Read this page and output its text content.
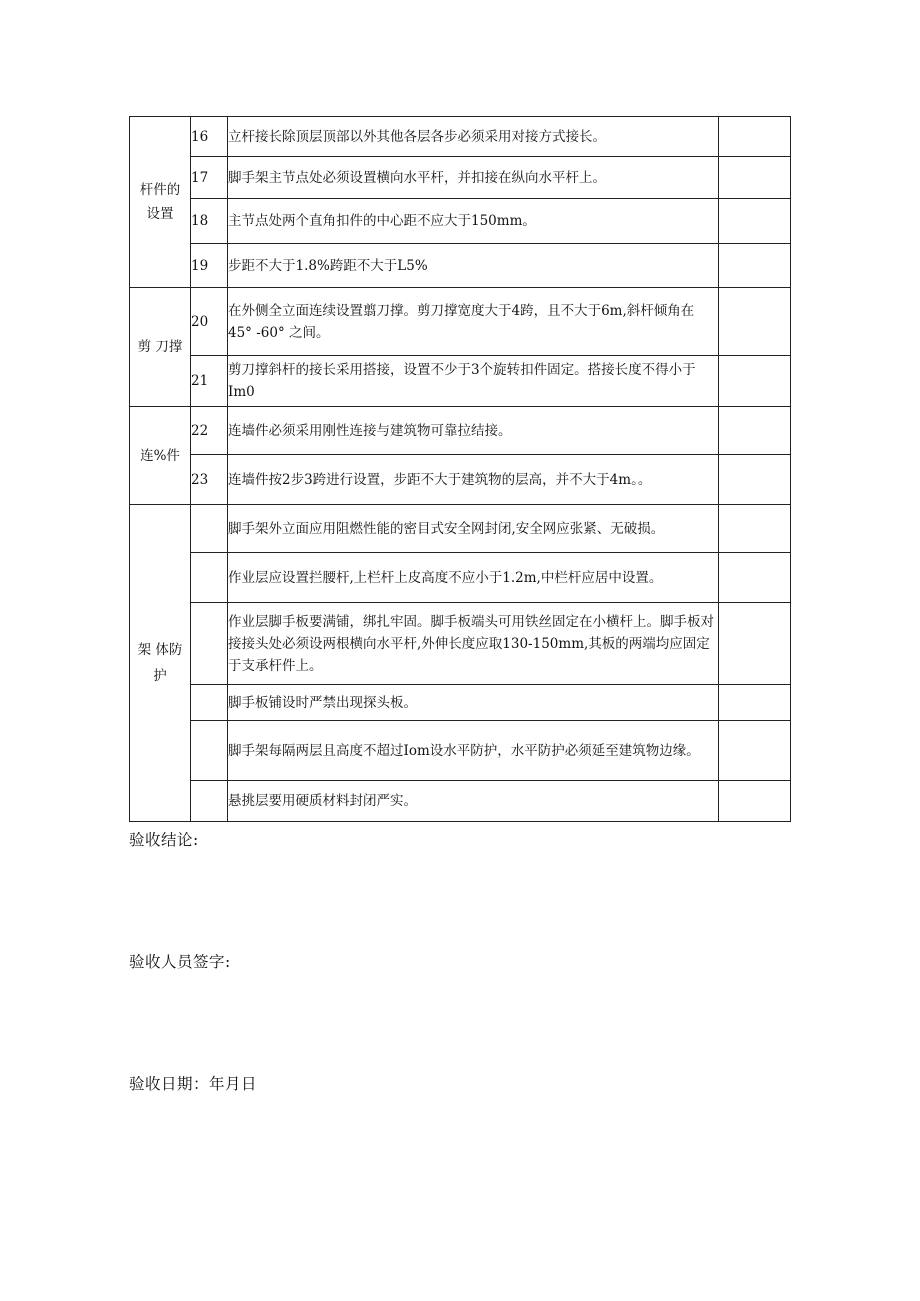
杆件的设置	16	立杆接长除顶层顶部以外其他各层各步必须采用对接方式接长。	
	17	脚手架主节点处必须设置横向水平杆，并扣接在纵向水平杆上。	
	18	主节点处两个直角扣件的中心距不应大于150mm。	
	19	步距不大于1.8%跨距不大于L5%	
剪 刀撑	20	在外侧全立面连续设置翦刀撑。剪刀撑宽度大于4跨，且不大于6m,斜杆倾角在45° -60° 之间。	
	21	剪刀撑斜杆的接长采用搭接，设置不少于3个旋转扣件固定。搭接长度不得小于Im0	
连%件	22	连墙件必须采用刚性连接与建筑物可靠拉结接。	
	23	连墙件按2步3跨进行设置，步距不大于建筑物的层高，并不大于4m。。	
架 体防护		脚手架外立面应用阻燃性能的密目式安全网封闭,安全网应张紧、无破损。	
		作业层应设置拦腰杆,上栏杆上皮高度不应小于1.2m,中栏杆应居中设置。	
		作业层脚手板要满铺，绑扎牢固。脚手板端头可用铁丝固定在小横杆上。脚手板对接接头处必须设两根横向水平杆,外伸长度应取130-150mm,其板的两端均应固定于支承杆件上。	
		脚手板铺设时严禁出现探头板。	
		脚手架每隔两层且高度不超过Iom设水平防护，水平防护必须延至建筑物边缘。	
		悬挑层要用硬质材料封闭严实。	
验收结论:
验收人员签字:
验收日期：年月日
